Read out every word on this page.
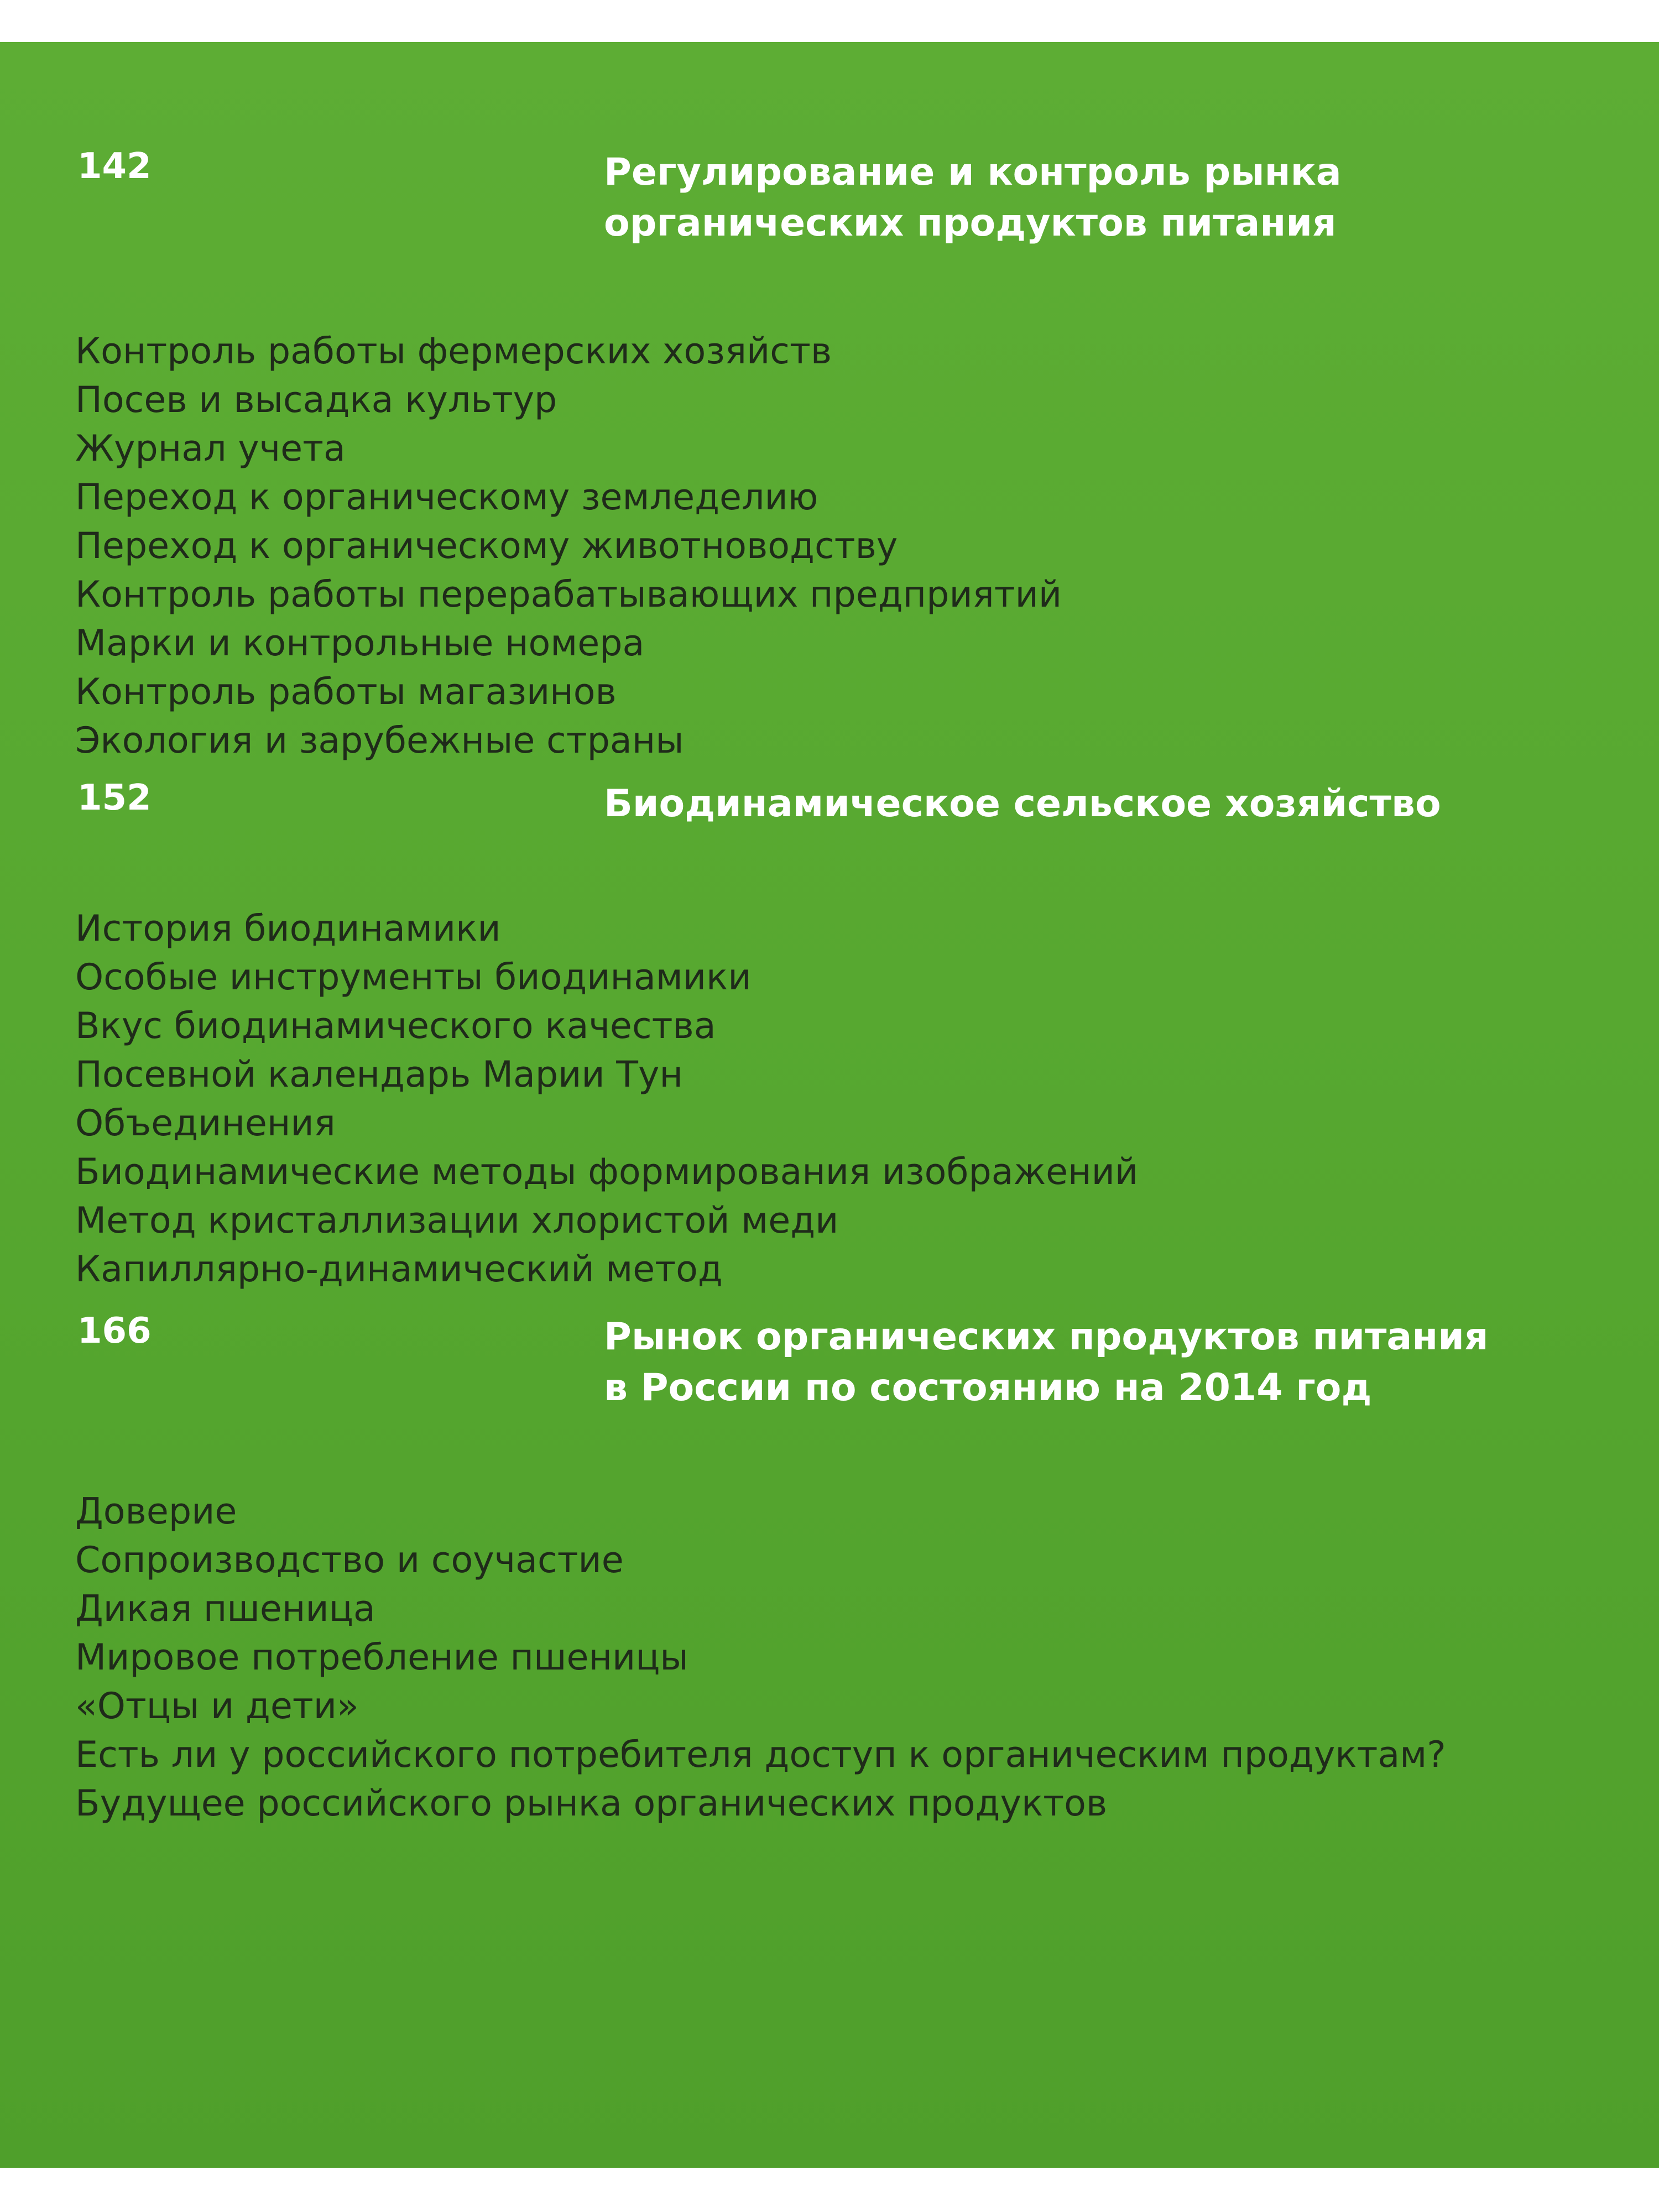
142	Регулирование и контроль рынка
органических продуктов питания
Контроль работы фермерских хозяйств
Посев и высадка культур
Журнал учета
Переход к органическому земледелию
Переход к органическому животноводству
Контроль работы перерабатывающих предприятий
Марки и контрольные номера
Контроль работы магазинов
Экология и зарубежные страны
152	Биодинамическое сельское хозяйство
История биодинамики
Особые инструменты биодинамики
Вкус биодинамического качества
Посевной календарь Марии Тун
Объединения
Биодинамические методы формирования изображений
Метод кристаллизации хлористой меди
Капиллярно-динамический метод
166	Рынок органических продуктов питания
в России по состоянию на 2014 год
Доверие
Сопроизводство и соучастие
Дикая пшеница
Мировое потребление пшеницы
«Отцы и дети»
Есть ли у российского потребителя доступ к органическим продуктам?
Будущее российского рынка органических продуктов
